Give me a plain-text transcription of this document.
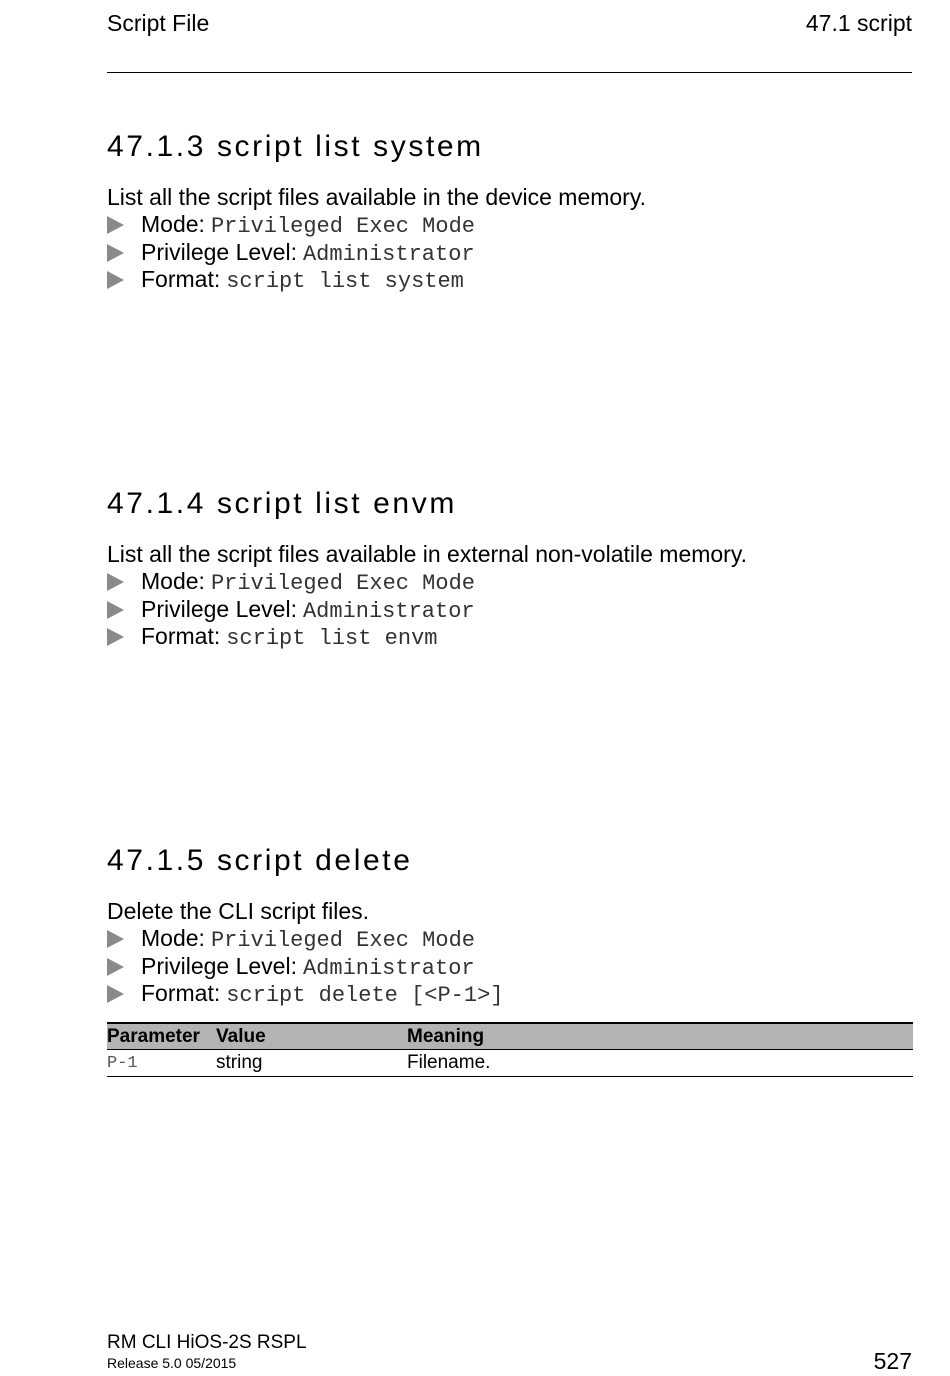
Script File	47.1 script
47.1.3 script list system
List all the script files available in the device memory.
Mode: Privileged Exec Mode
Privilege Level: Administrator
Format: script list system
47.1.4 script list envm
List all the script files available in external non-volatile memory.
Mode: Privileged Exec Mode
Privilege Level: Administrator
Format: script list envm
47.1.5 script delete
Delete the CLI script files.
Mode: Privileged Exec Mode
Privilege Level: Administrator
Format: script delete [<P-1>]
Parameter	Value	Meaning
P-1	string	Filename.
RM CLI HiOS-2S RSPL
Release 5.0 05/2015	527
